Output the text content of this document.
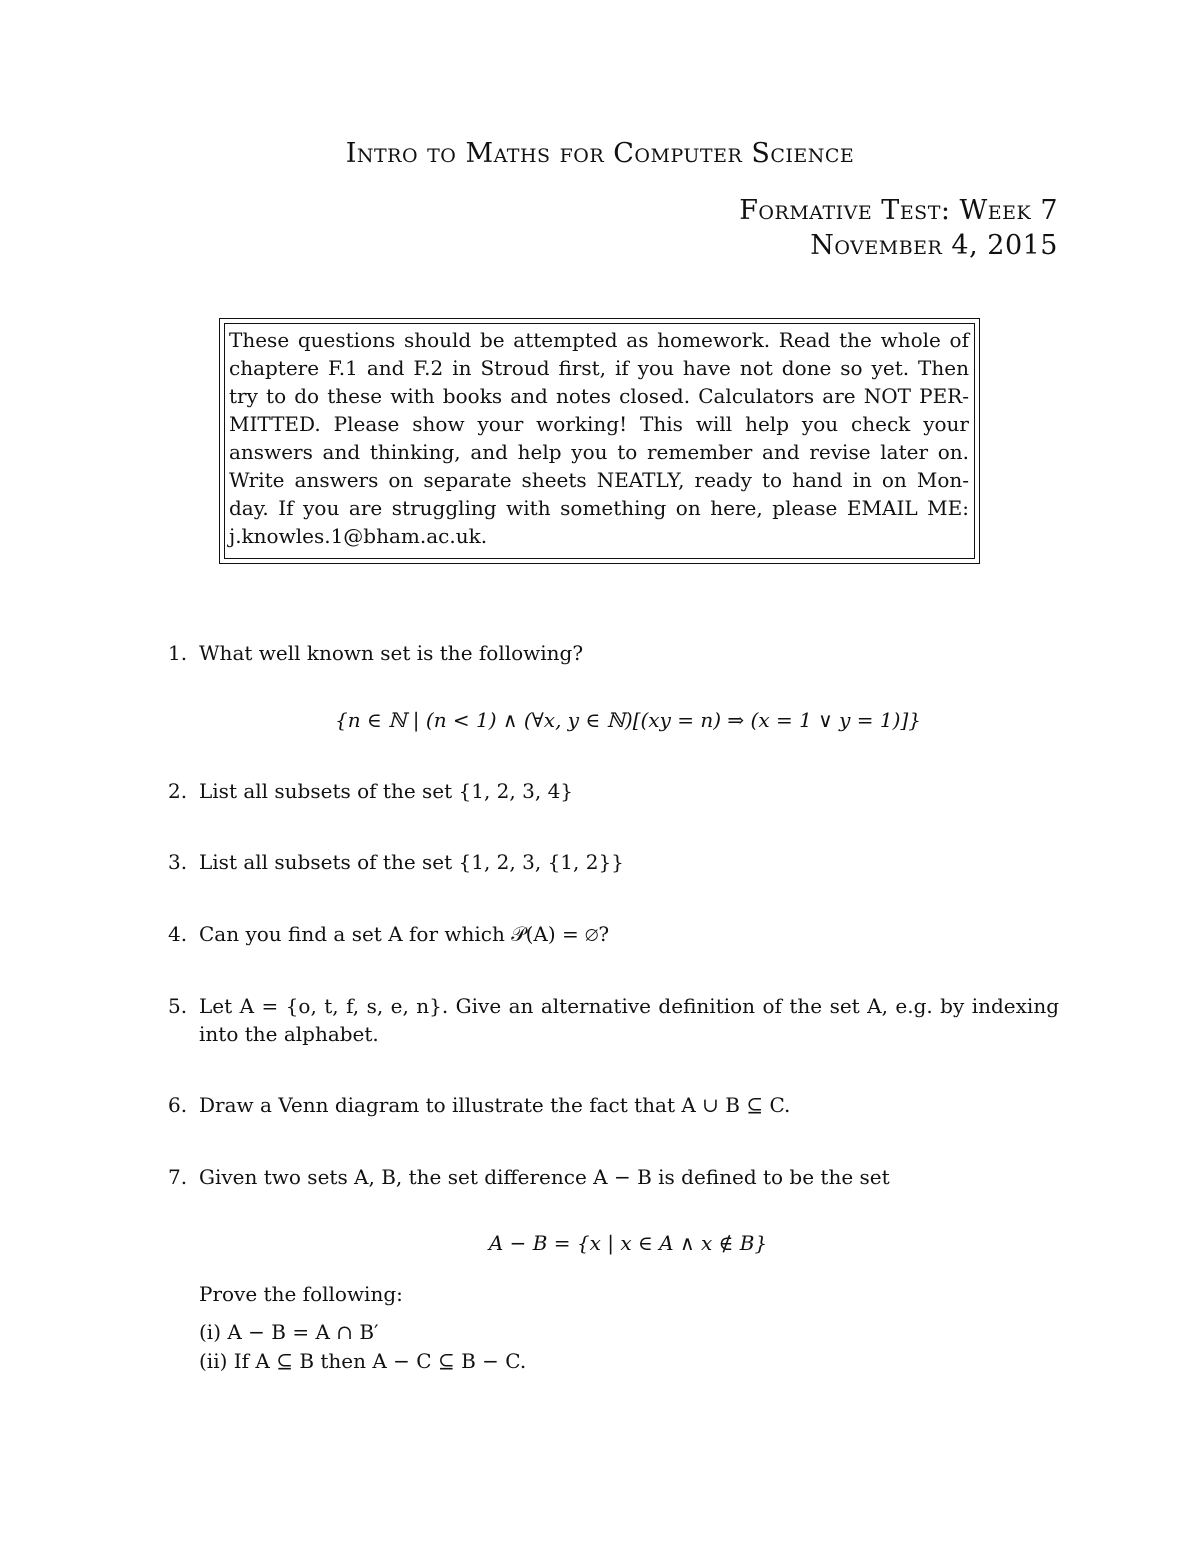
Intro to Maths for Computer Science
Formative Test: Week 7
November 4, 2015
These questions should be attempted as homework. Read the whole of
chaptere F.1 and F.2 in Stroud first, if you have not done so yet. Then
try to do these with books and notes closed. Calculators are NOT PER-
MITTED. Please show your working! This will help you check your
answers and thinking, and help you to remember and revise later on.
Write answers on separate sheets NEATLY, ready to hand in on Mon-
day. If you are struggling with something on here, please EMAIL ME:
j.knowles.1@bham.ac.uk.
1. What well known set is the following?
{n ∈ ℕ | (n < 1) ∧ (∀x, y ∈ ℕ)[(xy = n) ⇒ (x = 1 ∨ y = 1)]}
2. List all subsets of the set {1, 2, 3, 4}
3. List all subsets of the set {1, 2, 3, {1, 2}}
4. Can you find a set A for which 𝒫(A) = ∅?
5. Let A = {o, t, f, s, e, n}. Give an alternative definition of the set A, e.g. by indexing
into the alphabet.
6. Draw a Venn diagram to illustrate the fact that A ∪ B ⊆ C.
7. Given two sets A, B, the set difference A − B is defined to be the set
A − B = {x | x ∈ A ∧ x ∉ B}
Prove the following:
(i) A − B = A ∩ B′
(ii) If A ⊆ B then A − C ⊆ B − C.
